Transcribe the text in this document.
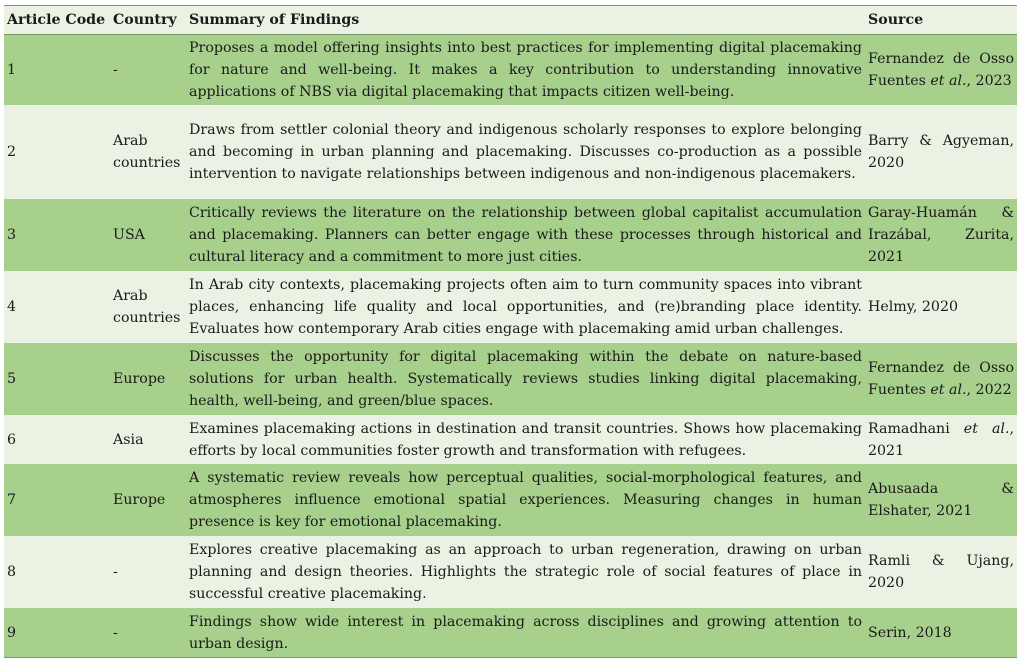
Article Code	Country	Summary of Findings	Source
1	-	Proposes a model offering insights into best practices for implementing digital placemaking for nature and well-being. It makes a key contribution to understanding innovative applications of NBS via digital placemaking that impacts citizen well-being.	Fernandez de Osso Fuentes et al., 2023
2	Arab countries	Draws from settler colonial theory and indigenous scholarly responses to explore belonging and becoming in urban planning and placemaking. Discusses co-production as a possible intervention to navigate relationships between indigenous and non-indigenous placemakers.	Barry & Agyeman, 2020
3	USA	Critically reviews the literature on the relationship between global capitalist accumulation and placemaking. Planners can better engage with these processes through historical and cultural literacy and a commitment to more just cities.	Garay-Huamán & Irazábal, Zurita, 2021
4	Arab countries	In Arab city contexts, placemaking projects often aim to turn community spaces into vibrant places, enhancing life quality and local opportunities, and (re)branding place identity. Evaluates how contemporary Arab cities engage with placemaking amid urban challenges.	Helmy, 2020
5	Europe	Discusses the opportunity for digital placemaking within the debate on nature-based solutions for urban health. Systematically reviews studies linking digital placemaking, health, well-being, and green/blue spaces.	Fernandez de Osso Fuentes et al., 2022
6	Asia	Examines placemaking actions in destination and transit countries. Shows how placemaking efforts by local communities foster growth and transformation with refugees.	Ramadhani et al., 2021
7	Europe	A systematic review reveals how perceptual qualities, social-morphological features, and atmospheres influence emotional spatial experiences. Measuring changes in human presence is key for emotional placemaking.	Abusaada & Elshater, 2021
8	-	Explores creative placemaking as an approach to urban regeneration, drawing on urban planning and design theories. Highlights the strategic role of social features of place in successful creative placemaking.	Ramli & Ujang, 2020
9	-	Findings show wide interest in placemaking across disciplines and growing attention to urban design.	Serin, 2018
